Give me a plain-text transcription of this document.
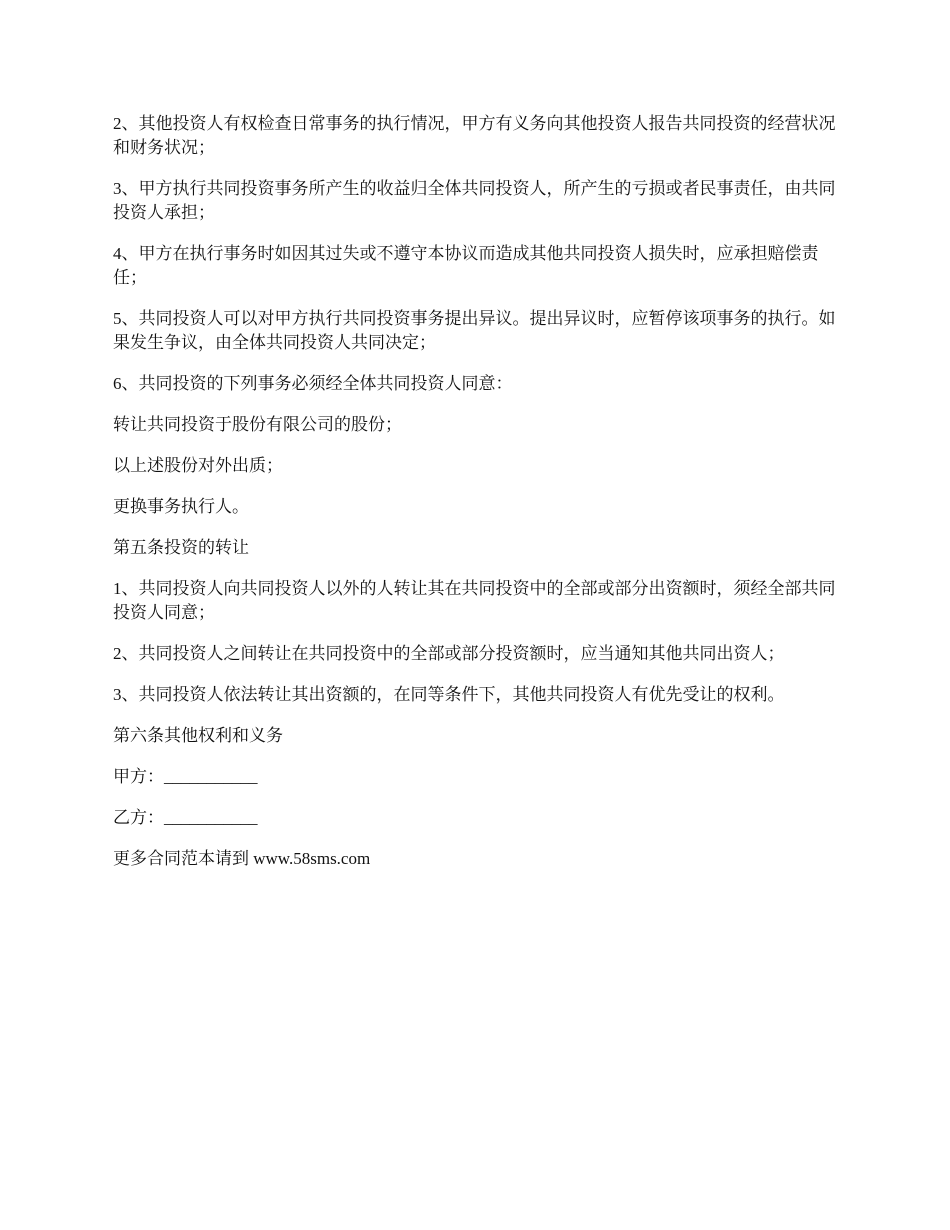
2、其他投资人有权检查日常事务的执行情况，甲方有义务向其他投资人报告共同投资的经营状况和财务状况；

3、甲方执行共同投资事务所产生的收益归全体共同投资人，所产生的亏损或者民事责任，由共同投资人承担；

4、甲方在执行事务时如因其过失或不遵守本协议而造成其他共同投资人损失时，应承担赔偿责任；

5、共同投资人可以对甲方执行共同投资事务提出异议。提出异议时，应暂停该项事务的执行。如果发生争议，由全体共同投资人共同决定；

6、共同投资的下列事务必须经全体共同投资人同意：

转让共同投资于股份有限公司的股份；

以上述股份对外出质；

更换事务执行人。

第五条投资的转让

1、共同投资人向共同投资人以外的人转让其在共同投资中的全部或部分出资额时，须经全部共同投资人同意；

2、共同投资人之间转让在共同投资中的全部或部分投资额时，应当通知其他共同出资人；

3、共同投资人依法转让其出资额的，在同等条件下，其他共同投资人有优先受让的权利。

第六条其他权利和义务

甲方：___________

乙方：___________

更多合同范本请到 www.58sms.com
